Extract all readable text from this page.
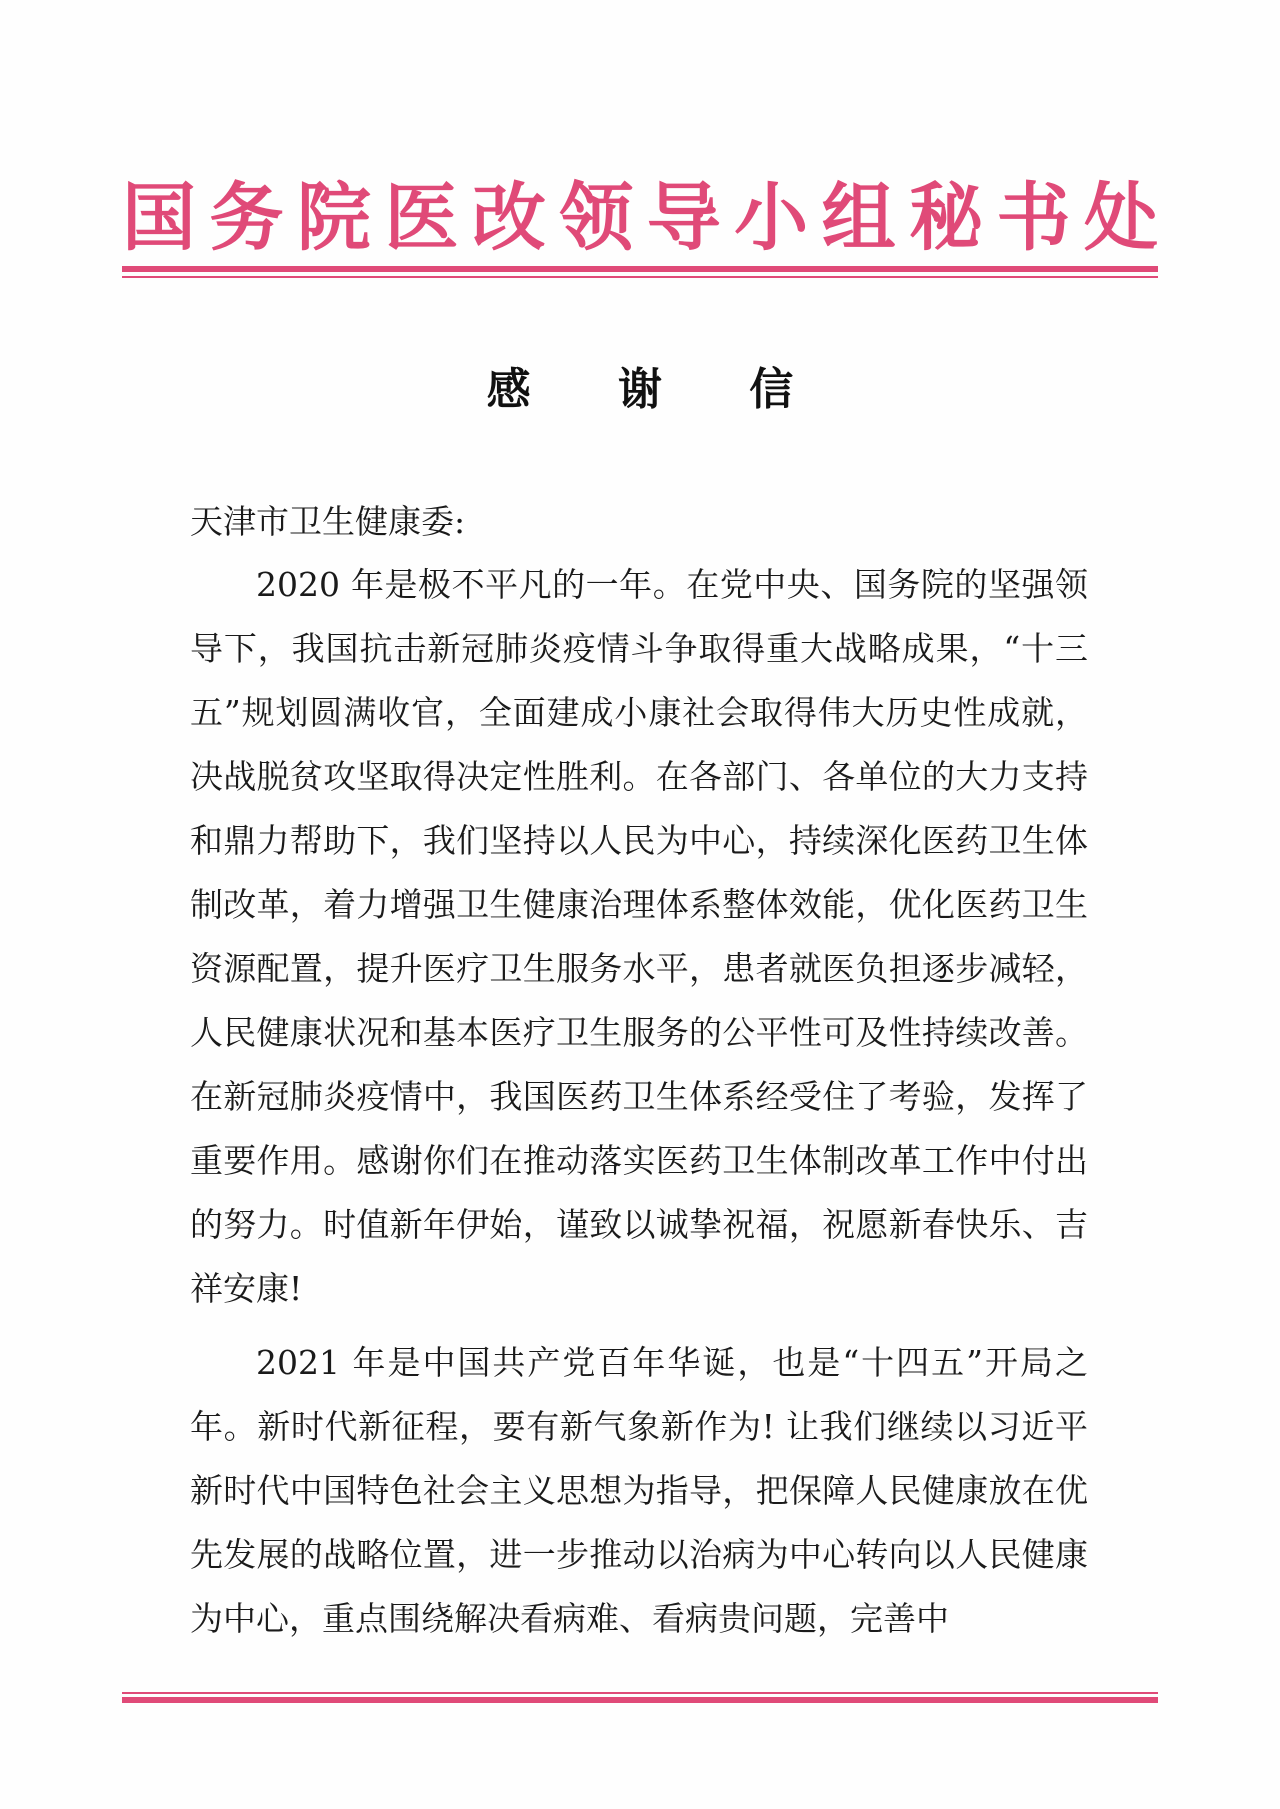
国 务 院 医 改 领 导 小 组 秘 书 处
感 谢 信
天津市卫生健康委:

2020 年是极不平凡的一年。在党中央、国务院的坚强领导下，我国抗击新冠肺炎疫情斗争取得重大战略成果，“十三五”规划圆满收官，全面建成小康社会取得伟大历史性成就，决战脱贫攻坚取得决定性胜利。在各部门、各单位的大力支持和鼎力帮助下，我们坚持以人民为中心，持续深化医药卫生体制改革，着力增强卫生健康治理体系整体效能，优化医药卫生资源配置，提升医疗卫生服务水平，患者就医负担逐步减轻，人民健康状况和基本医疗卫生服务的公平性可及性持续改善。在新冠肺炎疫情中，我国医药卫生体系经受住了考验，发挥了重要作用。感谢你们在推动落实医药卫生体制改革工作中付出的努力。时值新年伊始，谨致以诚挚祝福，祝愿新春快乐、吉祥安康!

2021 年是中国共产党百年华诞，也是“十四五”开局之年。新时代新征程，要有新气象新作为! 让我们继续以习近平新时代中国特色社会主义思想为指导，把保障人民健康放在优先发展的战略位置，进一步推动以治病为中心转向以人民健康为中心，重点围绕解决看病难、看病贵问题，完善中
